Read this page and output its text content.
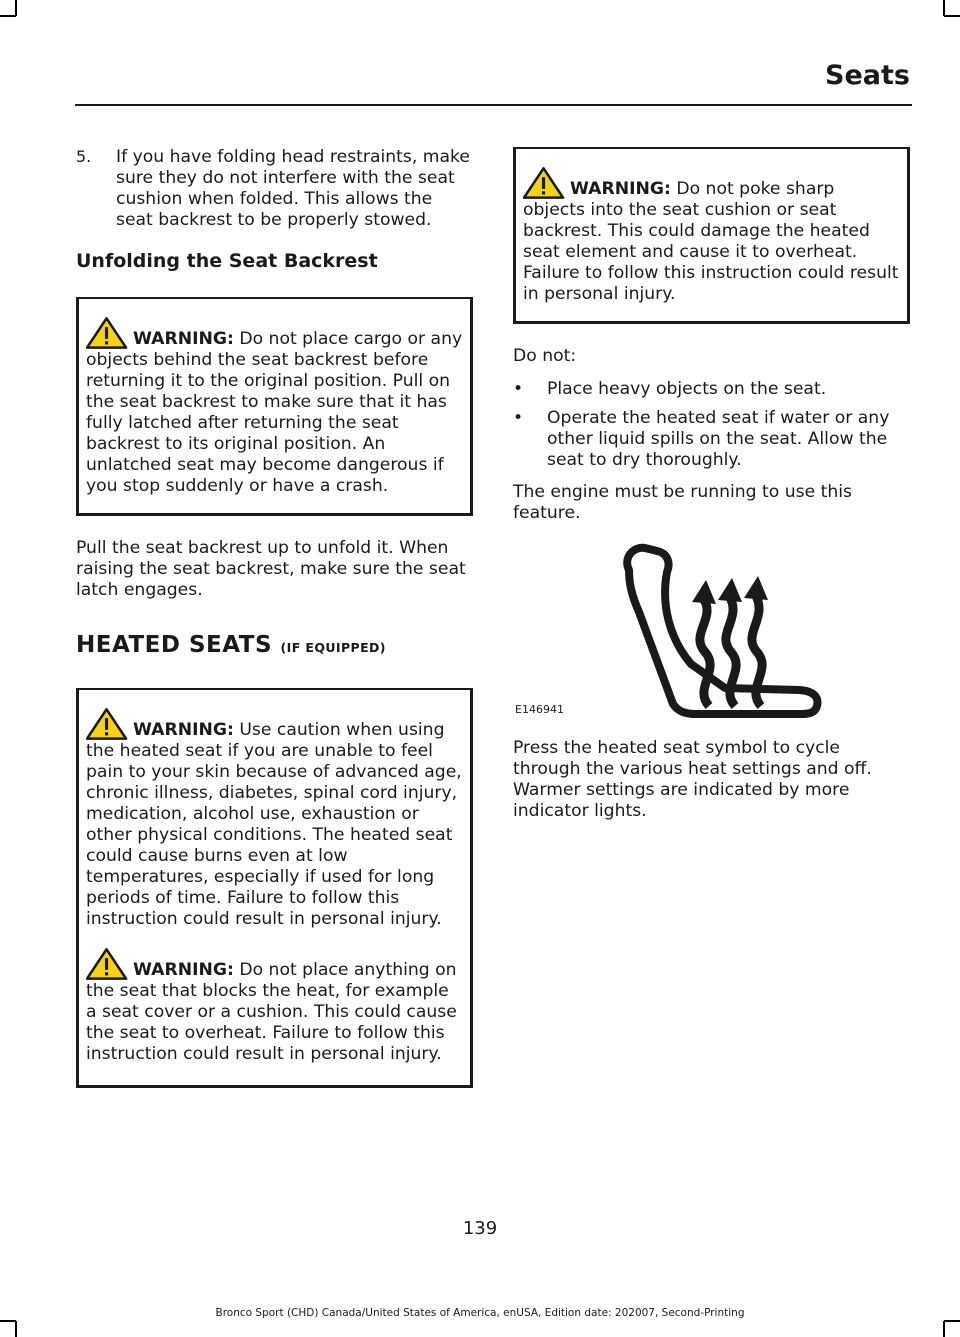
Seats
5.	If you have folding head restraints, make sure they do not interfere with the seat cushion when folded. This allows the seat backrest to be properly stowed.

Unfolding the Seat Backrest

WARNING: Do not place cargo or any objects behind the seat backrest before returning it to the original position. Pull on the seat backrest to make sure that it has fully latched after returning the seat backrest to its original position. An unlatched seat may become dangerous if you stop suddenly or have a crash.

Pull the seat backrest up to unfold it. When raising the seat backrest, make sure the seat latch engages.

HEATED SEATS (IF EQUIPPED)

WARNING: Use caution when using the heated seat if you are unable to feel pain to your skin because of advanced age, chronic illness, diabetes, spinal cord injury, medication, alcohol use, exhaustion or other physical conditions. The heated seat could cause burns even at low temperatures, especially if used for long periods of time. Failure to follow this instruction could result in personal injury.

WARNING: Do not place anything on the seat that blocks the heat, for example a seat cover or a cushion. This could cause the seat to overheat. Failure to follow this instruction could result in personal injury.

WARNING: Do not poke sharp objects into the seat cushion or seat backrest. This could damage the heated seat element and cause it to overheat. Failure to follow this instruction could result in personal injury.

Do not:

•	Place heavy objects on the seat.
•	Operate the heated seat if water or any other liquid spills on the seat. Allow the seat to dry thoroughly.

The engine must be running to use this feature.

E146941

Press the heated seat symbol to cycle through the various heat settings and off. Warmer settings are indicated by more indicator lights.

139

Bronco Sport (CHD) Canada/United States of America, enUSA, Edition date: 202007, Second-Printing
